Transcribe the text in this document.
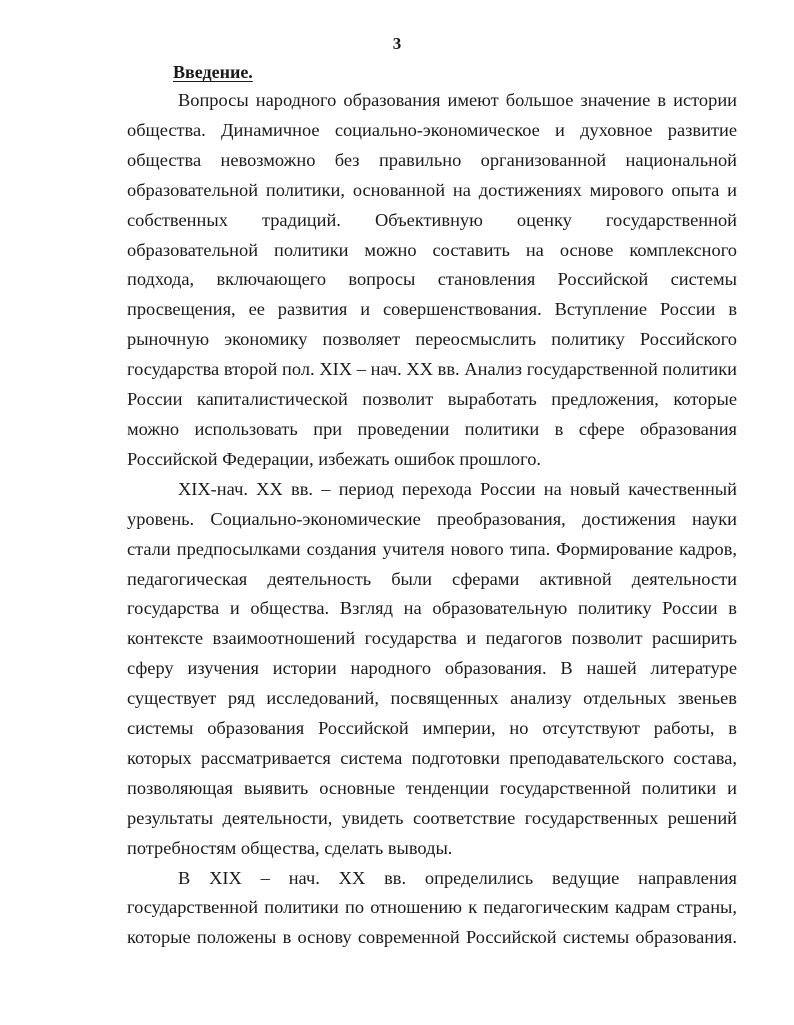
3
Введение.

Вопросы народного образования имеют большое значение в истории общества. Динамичное социально-экономическое и духовное развитие общества невозможно без правильно организованной национальной образовательной политики, основанной на достижениях мирового опыта и собственных традиций. Объективную оценку государственной образовательной политики можно составить на основе комплексного подхода, включающего вопросы становления Российской системы просвещения, ее развития и совершенствования. Вступление России в рыночную экономику позволяет переосмыслить политику Российского государства второй пол. XIX – нач. XX вв. Анализ государственной политики России капиталистической позволит выработать предложения, которые можно использовать при проведении политики в сфере образования Российской Федерации, избежать ошибок прошлого.

XIX-нач. XX вв. – период перехода России на новый качественный уровень. Социально-экономические преобразования, достижения науки стали предпосылками создания учителя нового типа. Формирование кадров, педагогическая деятельность были сферами активной деятельности государства и общества. Взгляд на образовательную политику России в контексте взаимоотношений государства и педагогов позволит расширить сферу изучения истории народного образования. В нашей литературе существует ряд исследований, посвященных анализу отдельных звеньев системы образования Российской империи, но отсутствуют работы, в которых рассматривается система подготовки преподавательского состава, позволяющая выявить основные тенденции государственной политики и результаты деятельности, увидеть соответствие государственных решений потребностям общества, сделать выводы.

В XIX – нач. XX вв. определились ведущие направления государственной политики по отношению к педагогическим кадрам страны, которые положены в основу современной Российской системы образования.
